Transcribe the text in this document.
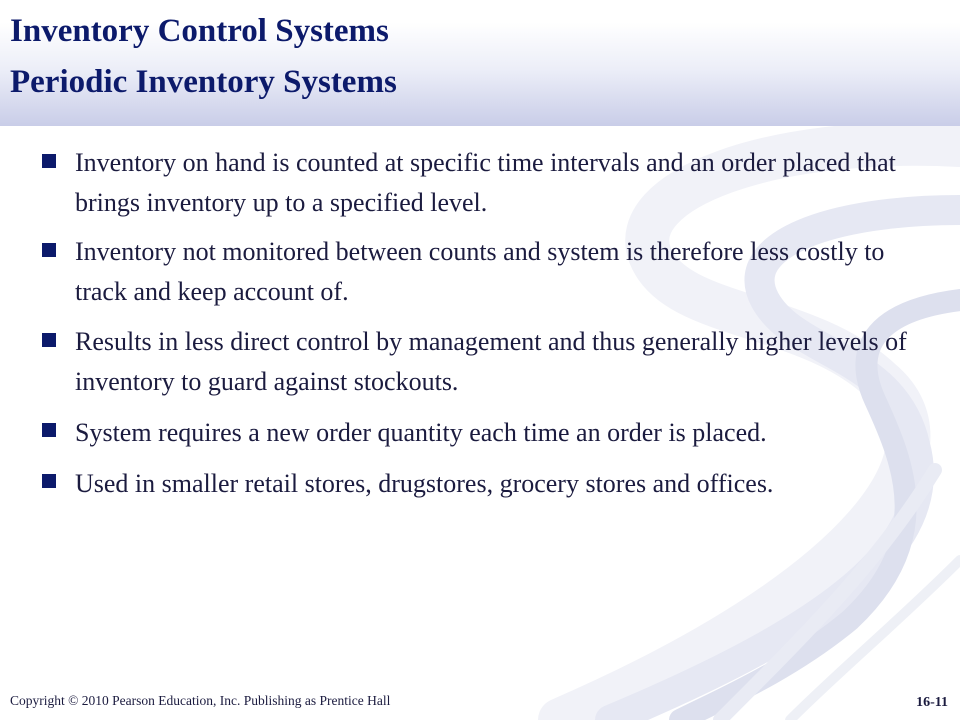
Inventory Control Systems
Periodic Inventory Systems
Inventory on hand is counted at specific time intervals and an order placed that brings inventory up to a specified level.
Inventory not monitored between counts and system is therefore less costly to track and keep account of.
Results in less direct control by management and thus generally higher levels of inventory to guard against stockouts.
System requires a new order quantity each time an order is placed.
Used in smaller retail stores, drugstores, grocery stores and offices.
Copyright © 2010 Pearson Education, Inc. Publishing as Prentice Hall	16-11
